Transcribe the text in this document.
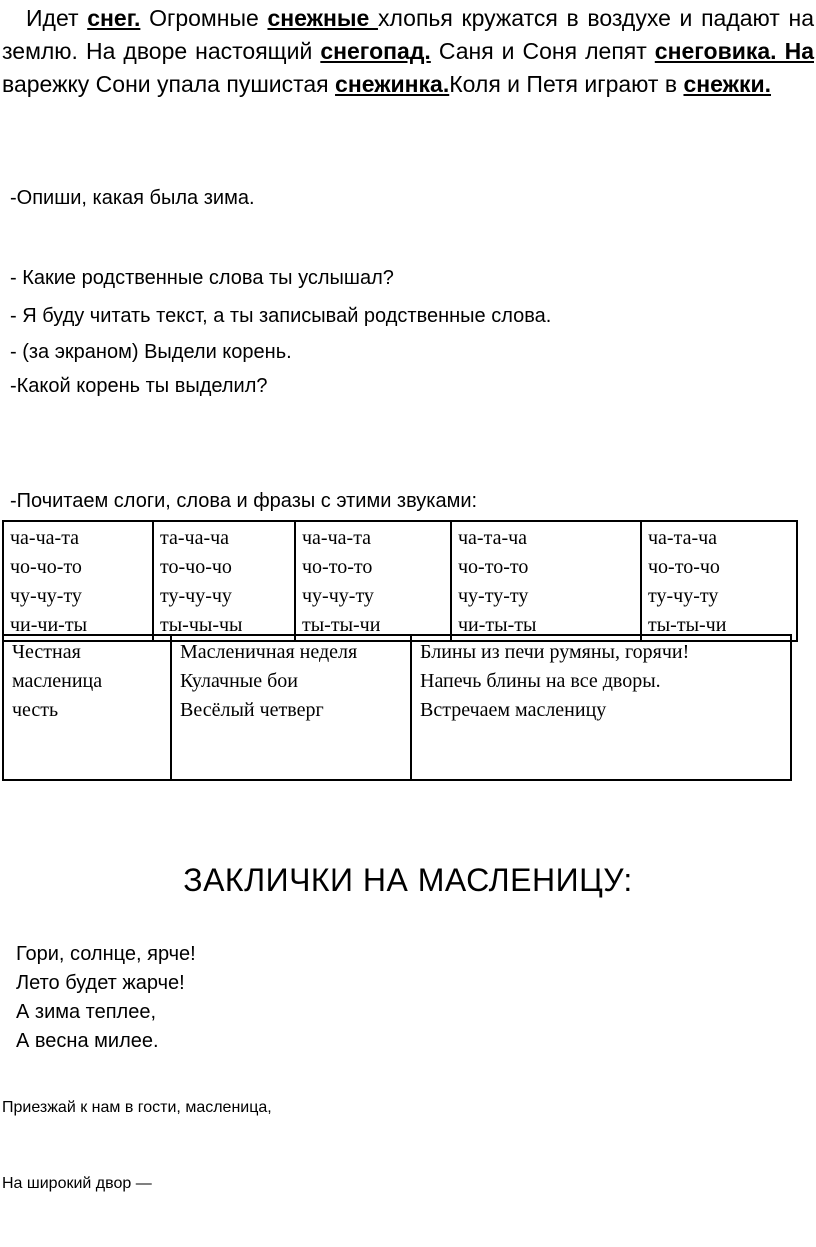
Идет снег. Огромные снежные хлопья кружатся в воздухе и падают на землю. На дворе настоящий снегопад. Саня и Соня лепят снеговика. На варежку Сони упала пушистая снежинка.Коля и Петя играют в снежки.
-Опиши, какая была зима.
- Какие родственные слова ты услышал?
- Я буду читать текст, а ты записывай родственные слова.
- (за экраном) Выдели корень.
-Какой корень ты выделил?
-Почитаем слоги, слова и фразы с этими звуками:
ча-ча-та
чо-чо-то
чу-чу-ту
чи-чи-ты

та-ча-ча
то-чо-чо
ту-чу-чу
ты-чы-чы

ча-ча-та
чо-то-то
чу-чу-ту
ты-ты-чи

ча-та-ча
чо-то-то
чу-ту-ту
чи-ты-ты

ча-та-ча
чо-то-чо
ту-чу-ту
ты-ты-чи
Честная
масленица
честь

Масленичная неделя
Кулачные бои
Весёлый четверг

Блины из печи румяны, горячи!
Напечь блины на все дворы.
Встречаем масленицу
ЗАКЛИЧКИ НА МАСЛЕНИЦУ:
Гори, солнце, ярче!
Лето будет жарче!
А зима теплее,
А весна милее.
Приезжай к нам в гости, масленица,
На широкий двор —
